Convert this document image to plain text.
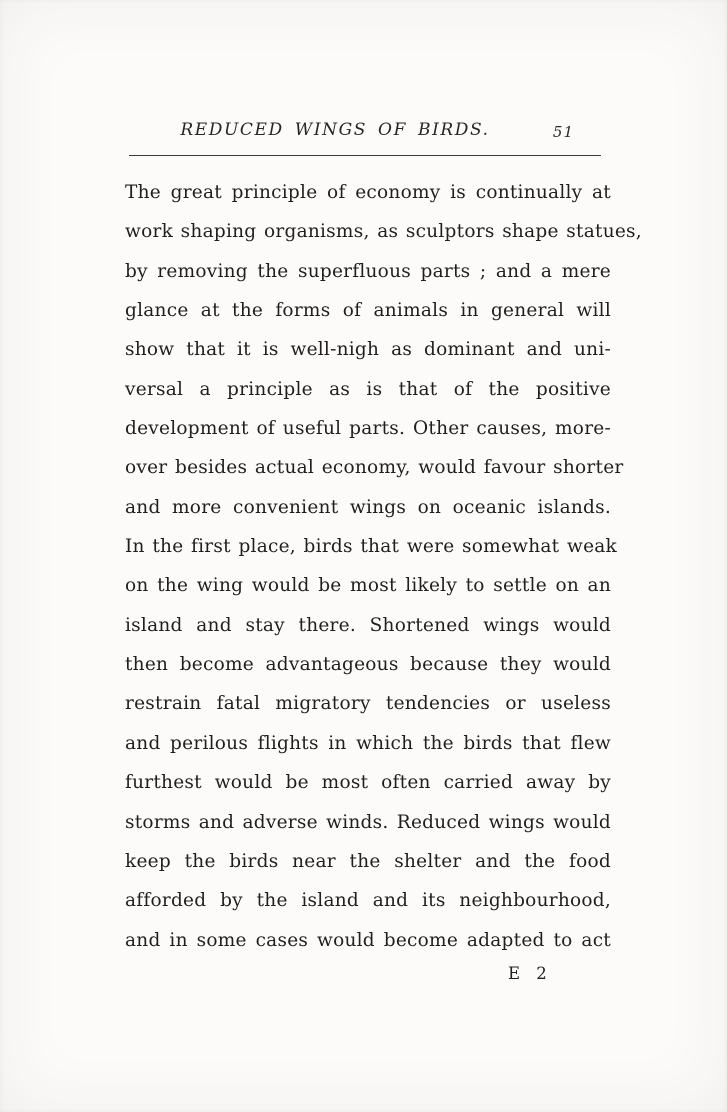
REDUCED WINGS OF BIRDS.	51
The great principle of economy is continually at
work shaping organisms, as sculptors shape statues,
by removing the superfluous parts ; and a mere
glance at the forms of animals in general will
show that it is well-nigh as dominant and uni-
versal a principle as is that of the positive
development of useful parts. Other causes, more-
over besides actual economy, would favour shorter
and more convenient wings on oceanic islands.
In the first place, birds that were somewhat weak
on the wing would be most likely to settle on an
island and stay there. Shortened wings would
then become advantageous because they would
restrain fatal migratory tendencies or useless
and perilous flights in which the birds that flew
furthest would be most often carried away by
storms and adverse winds. Reduced wings would
keep the birds near the shelter and the food
afforded by the island and its neighbourhood,
and in some cases would become adapted to act
E 2
